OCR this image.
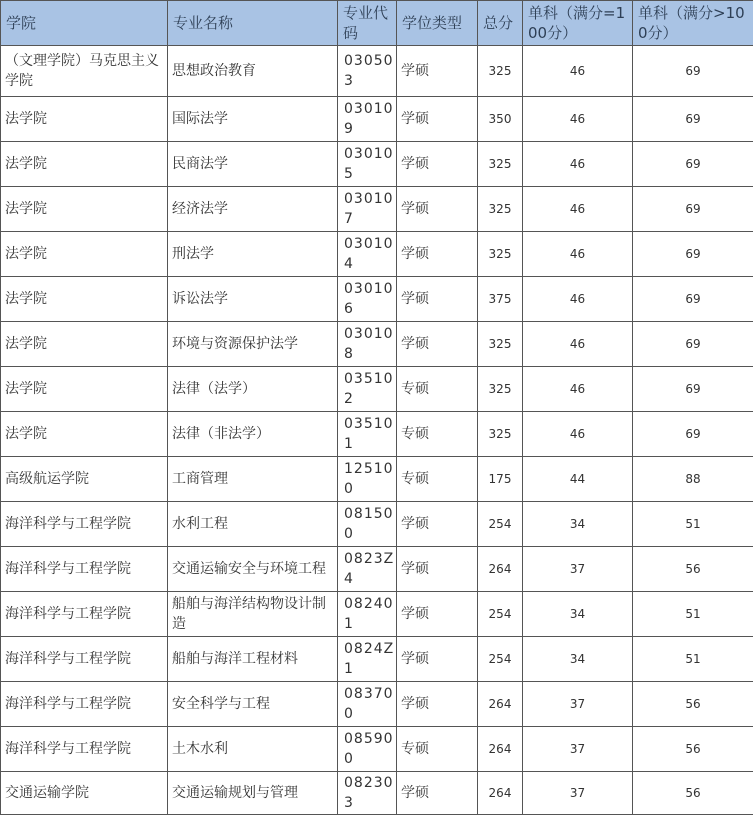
学院	专业名称	专业代码	学位类型	总分	单科（满分=100分）	单科（满分>100分）
（文理学院）马克思主义学院	思想政治教育	030503	学硕	325	46	69
法学院	国际法学	030109	学硕	350	46	69
法学院	民商法学	030105	学硕	325	46	69
法学院	经济法学	030107	学硕	325	46	69
法学院	刑法学	030104	学硕	325	46	69
法学院	诉讼法学	030106	学硕	375	46	69
法学院	环境与资源保护法学	030108	学硕	325	46	69
法学院	法律（法学）	035102	专硕	325	46	69
法学院	法律（非法学）	035101	专硕	325	46	69
高级航运学院	工商管理	125100	专硕	175	44	88
海洋科学与工程学院	水利工程	081500	学硕	254	34	51
海洋科学与工程学院	交通运输安全与环境工程	0823Z4	学硕	264	37	56
海洋科学与工程学院	船舶与海洋结构物设计制造	082401	学硕	254	34	51
海洋科学与工程学院	船舶与海洋工程材料	0824Z1	学硕	254	34	51
海洋科学与工程学院	安全科学与工程	083700	学硕	264	37	56
海洋科学与工程学院	土木水利	085900	专硕	264	37	56
交通运输学院	交通运输规划与管理	082303	学硕	264	37	56
